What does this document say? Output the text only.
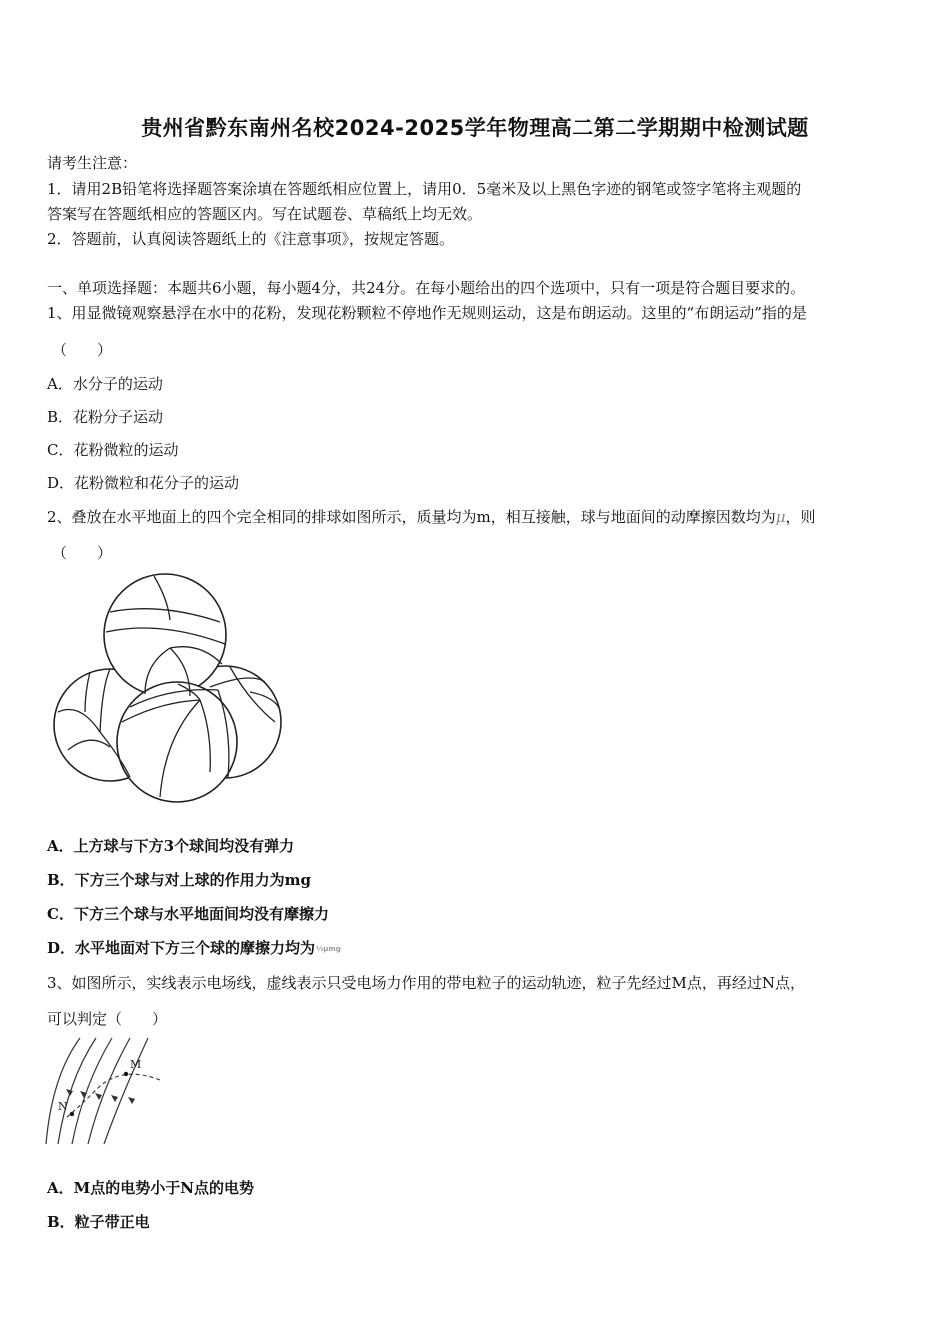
贵州省黔东南州名校2024-2025学年物理高二第二学期期中检测试题
请考生注意：
1．请用2B铅笔将选择题答案涂填在答题纸相应位置上，请用0．5毫米及以上黑色字迹的钢笔或签字笔将主观题的
答案写在答题纸相应的答题区内。写在试题卷、草稿纸上均无效。
2．答题前，认真阅读答题纸上的《注意事项》，按规定答题。
一、单项选择题：本题共6小题，每小题4分，共24分。在每小题给出的四个选项中，只有一项是符合题目要求的。
1、用显微镜观察悬浮在水中的花粉，发现花粉颗粒不停地作无规则运动，这是布朗运动。这里的“布朗运动”指的是
（　　）
A．水分子的运动
B．花粉分子运动
C．花粉微粒的运动
D．花粉微粒和花分子的运动
2、叠放在水平地面上的四个完全相同的排球如图所示，质量均为m，相互接触，球与地面间的动摩擦因数均为μ，则
（　　）
A．上方球与下方3个球间均没有弹力
B．下方三个球与对上球的作用力为mg
C．下方三个球与水平地面间均没有摩擦力
D．水平地面对下方三个球的摩擦力均为⅓μmg
3、如图所示，实线表示电场线，虚线表示只受电场力作用的带电粒子的运动轨迹，粒子先经过M点，再经过N点，
可以判定（　　）
M
N
A．M点的电势小于N点的电势
B．粒子带正电
